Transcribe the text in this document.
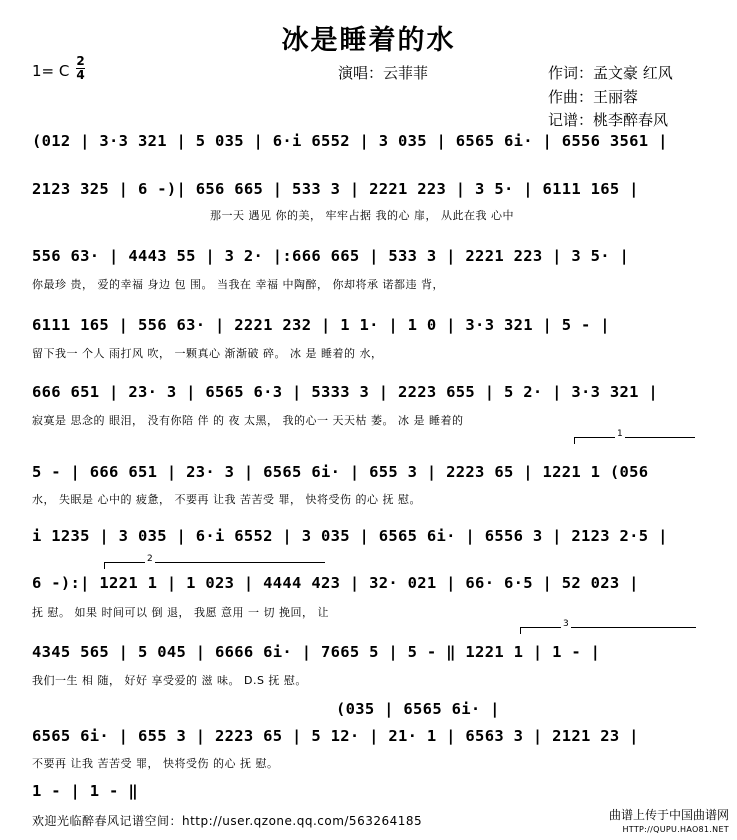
冰是睡着的水
1= C
2
4	演唱：云菲菲	作词：孟文豪 红风
作曲：王丽蓉
记谱：桃李醉春风
(012 | 3·3 321 | 5 035 | 6·i 6552 | 3 035 | 6565 6i· | 6556 3561 |
2123 325 | 6 -)| 656 665 | 533 3 | 2221 223 | 3 5· | 6111 165 |
那一天 遇见 你的美， 牢牢占据 我的心 扉， 从此在我 心中
556 63· | 4443 55 | 3 2· |:666 665 | 533 3 | 2221 223 | 3 5· |
你最珍 贵， 爱的幸福 身边 包 围。 当我在 幸福 中陶醉， 你却将承 诺都违 背，
6111 165 | 556 63· | 2221 232 | 1 1· | 1 0 | 3·3 321 | 5 - |
留下我一 个人 雨打风 吹， 一颗真心 渐渐破 碎。 冰 是 睡着的 水，
666 651 | 23· 3 | 6565 6·3 | 5333 3 | 2223 655 | 5 2· | 3·3 321 |
寂寞是 思念的 眼泪， 没有你陪 伴 的 夜 太黑， 我的心一 天天枯 萎。 冰 是 睡着的
1
5 - | 666 651 | 23· 3 | 6565 6i· | 655 3 | 2223 65 | 1221 1 (056
水， 失眠是 心中的 疲惫， 不要再 让我 苦苦受 罪， 快将受伤 的心 抚 慰。
i 1235 | 3 035 | 6·i 6552 | 3 035 | 6565 6i· | 6556 3 | 2123 2·5 |
2
6 -):| 1221 1 | 1 023 | 4444 423 | 32· 021 | 66· 6·5 | 52 023 |
抚 慰。 如果 时间可以 倒 退， 我愿 意用 一 切 挽回， 让
3
4345 565 | 5 045 | 6666 6i· | 7665 5 | 5 - ‖ 1221 1 | 1 - |
我们一生 相 随， 好好 享受爱的 滋 味。 D.S 抚 慰。
(035 | 6565 6i· |
6565 6i· | 655 3 | 2223 65 | 5 12· | 21· 1 | 6563 3 | 2121 23 |
不要再 让我 苦苦受 罪， 快将受伤 的心 抚 慰。
1 - | 1 - ‖
欢迎光临醉春风记谱空间：http://user.qzone.qq.com/563264185	曲谱上传于中国曲谱网
HTTP://QUPU.HAO81.NET
